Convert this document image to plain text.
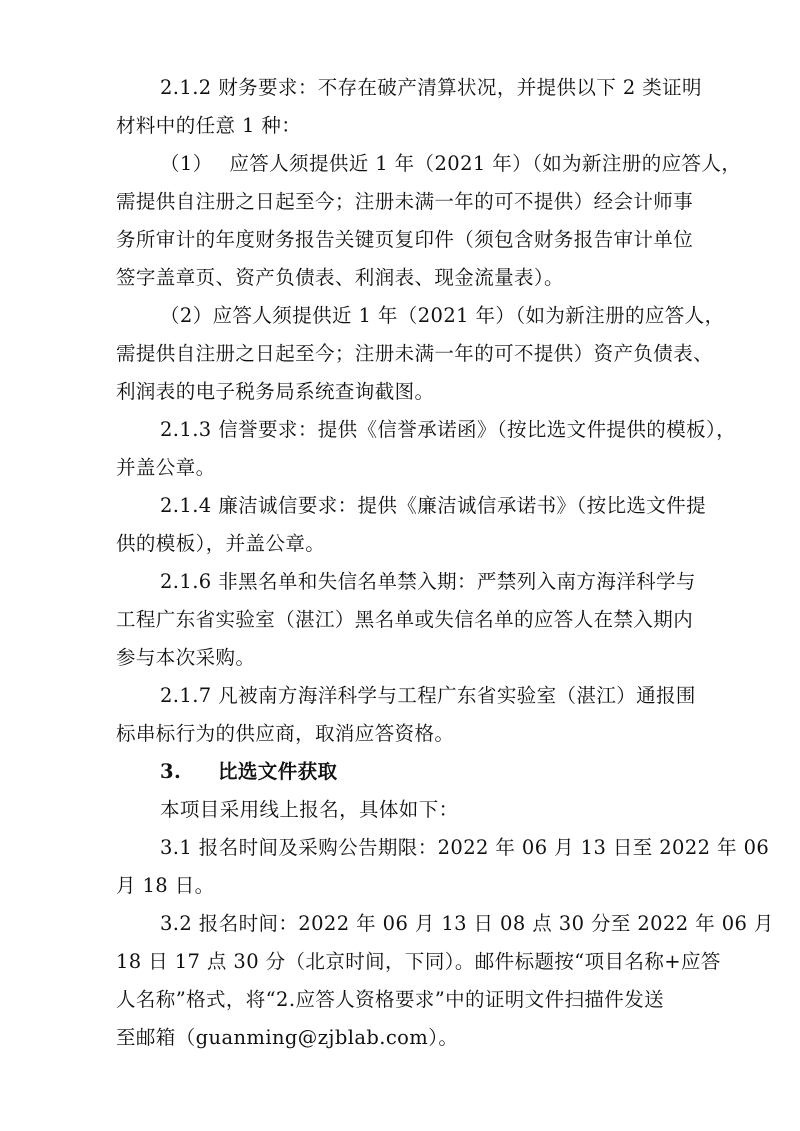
2.1.2 财务要求：不存在破产清算状况，并提供以下 2 类证明
材料中的任意 1 种：
（1）　 应答人须提供近 1 年（2021 年）（如为新注册的应答人，
需提供自注册之日起至今；注册未满一年的可不提供）经会计师事
务所审计的年度财务报告关键页复印件（须包含财务报告审计单位
签字盖章页、资产负债表、利润表、现金流量表）。
（2）应答人须提供近 1 年（2021 年）（如为新注册的应答人，
需提供自注册之日起至今；注册未满一年的可不提供）资产负债表、
利润表的电子税务局系统查询截图。
2.1.3 信誉要求：提供《信誉承诺函》（按比选文件提供的模板），
并盖公章。
2.1.4 廉洁诚信要求：提供《廉洁诚信承诺书》（按比选文件提
供的模板），并盖公章。
2.1.6 非黑名单和失信名单禁入期：严禁列入南方海洋科学与
工程广东省实验室（湛江）黑名单或失信名单的应答人在禁入期内
参与本次采购。
2.1.7 凡被南方海洋科学与工程广东省实验室（湛江）通报围
标串标行为的供应商，取消应答资格。
3. 比选文件获取
本项目采用线上报名，具体如下：
3.1 报名时间及采购公告期限：2022 年 06 月 13 日至 2022 年 06
月 18 日。
3.2 报名时间：2022 年 06 月 13 日 08 点 30 分至 2022 年 06 月
18 日 17 点 30 分（北京时间，下同）。邮件标题按“项目名称+应答
人名称”格式，将“2.应答人资格要求”中的证明文件扫描件发送
至邮箱（guanming@zjblab.com）。
